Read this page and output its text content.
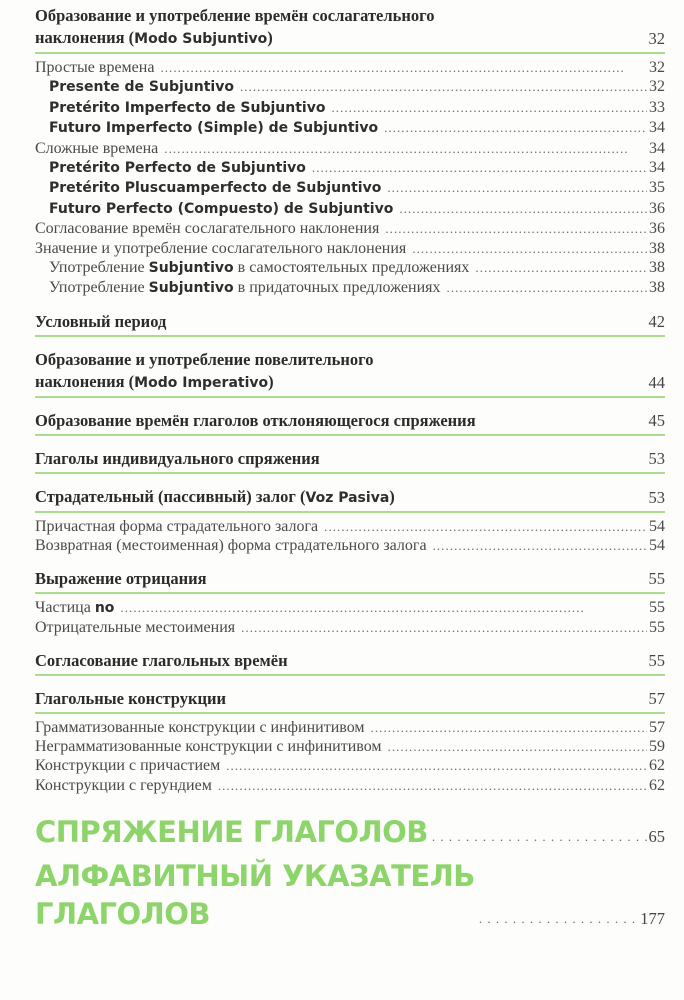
Образование и употребление времён сослагательного
наклонения (Modo Subjuntivo)	32
Простые времена . . .	32
Presente de Subjuntivo . . .	32
Pretérito Imperfecto de Subjuntivo . . .	33
Futuro Imperfecto (Simple) de Subjuntivo . . .	34
Сложные времена . . .	34
Pretérito Perfecto de Subjuntivo . . .	34
Pretérito Pluscuamperfecto de Subjuntivo . . .	35
Futuro Perfecto (Compuesto) de Subjuntivo . . .	36
Согласование времён сослагательного наклонения . . .	36
Значение и употребление сослагательного наклонения . . .	38
Употребление Subjuntivo в самостоятельных предложениях . . .	38
Употребление Subjuntivo в придаточных предложениях . . .	38
Условный период	42
Образование и употребление повелительного
наклонения (Modo Imperativo)	44
Образование времён глаголов отклоняющегося спряжения	45
Глаголы индивидуального спряжения	53
Страдательный (пассивный) залог (Voz Pasiva)	53
Причастная форма страдательного залога . . .	54
Возвратная (местоименная) форма страдательного залога . . .	54
Выражение отрицания	55
Частица no . . .	55
Отрицательные местоимения . . .	55
Согласование глагольных времён	55
Глагольные конструкции	57
Грамматизованные конструкции с инфинитивом . . .	57
Неграмматизованные конструкции с инфинитивом . . .	59
Конструкции с причастием . . .	62
Конструкции с герундием . . .	62
СПРЯЖЕНИЕ ГЛАГОЛОВ . . .	65
АЛФАВИТНЫЙ УКАЗАТЕЛЬ
ГЛАГОЛОВ . . .	177
